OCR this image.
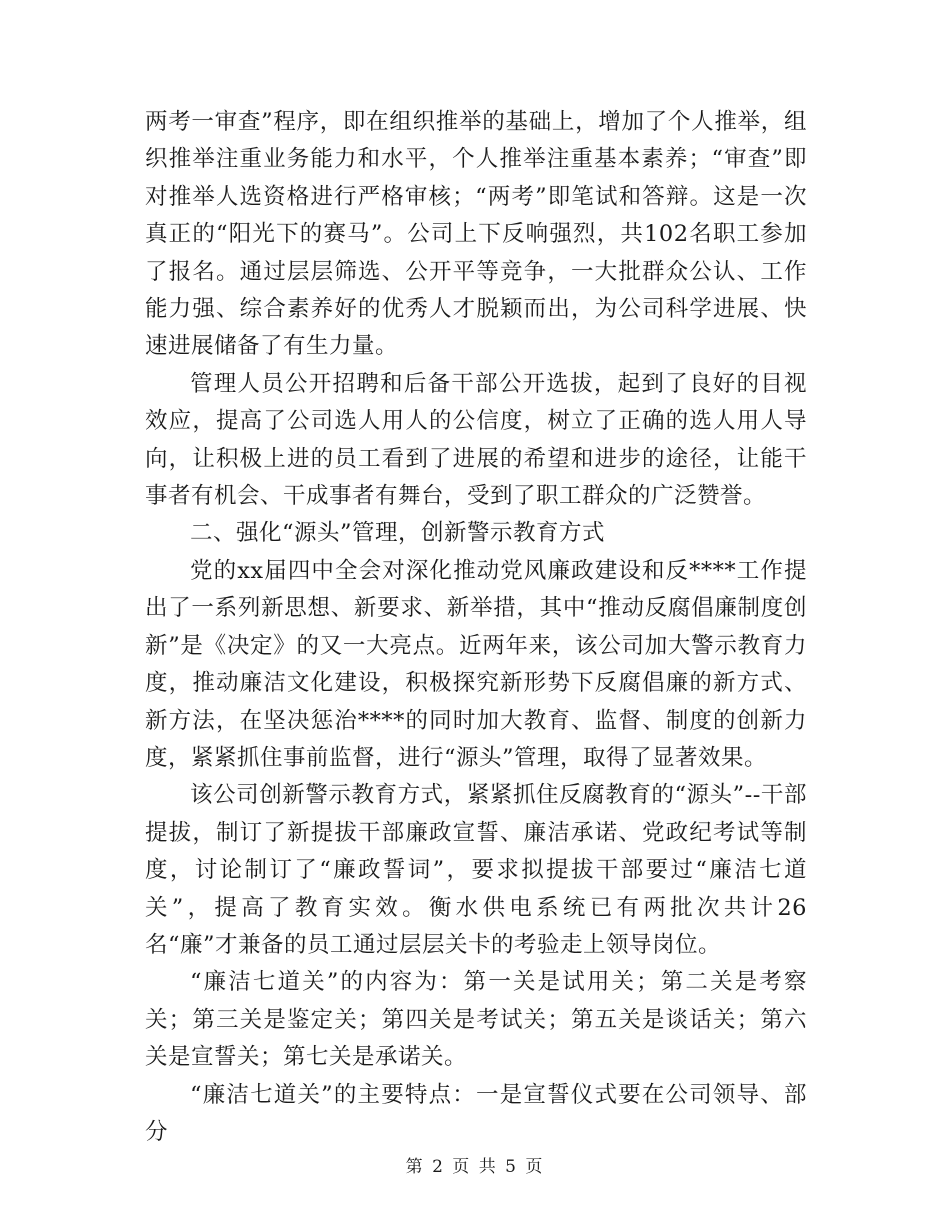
两考一审查”程序，即在组织推举的基础上，增加了个人推举，组织推举注重业务能力和水平，个人推举注重基本素养；“审查”即对推举人选资格进行严格审核；“两考”即笔试和答辩。这是一次真正的“阳光下的赛马”。公司上下反响强烈，共102名职工参加了报名。通过层层筛选、公开平等竞争，一大批群众公认、工作能力强、综合素养好的优秀人才脱颖而出，为公司科学进展、快速进展储备了有生力量。

管理人员公开招聘和后备干部公开选拔，起到了良好的目视效应，提高了公司选人用人的公信度，树立了正确的选人用人导向，让积极上进的员工看到了进展的希望和进步的途径，让能干事者有机会、干成事者有舞台，受到了职工群众的广泛赞誉。

二、强化“源头”管理，创新警示教育方式

党的xx届四中全会对深化推动党风廉政建设和反****工作提出了一系列新思想、新要求、新举措，其中“推动反腐倡廉制度创新”是《决定》的又一大亮点。近两年来，该公司加大警示教育力度，推动廉洁文化建设，积极探究新形势下反腐倡廉的新方式、新方法，在坚决惩治****的同时加大教育、监督、制度的创新力度，紧紧抓住事前监督，进行“源头”管理，取得了显著效果。

该公司创新警示教育方式，紧紧抓住反腐教育的“源头”--干部提拔，制订了新提拔干部廉政宣誓、廉洁承诺、党政纪考试等制度，讨论制订了“廉政誓词”，要求拟提拔干部要过“廉洁七道关”，提高了教育实效。衡水供电系统已有两批次共计26名“廉”才兼备的员工通过层层关卡的考验走上领导岗位。

“廉洁七道关”的内容为：第一关是试用关；第二关是考察关；第三关是鉴定关；第四关是考试关；第五关是谈话关；第六关是宣誓关；第七关是承诺关。

“廉洁七道关”的主要特点：一是宣誓仪式要在公司领导、部分

第 2 页 共 5 页
